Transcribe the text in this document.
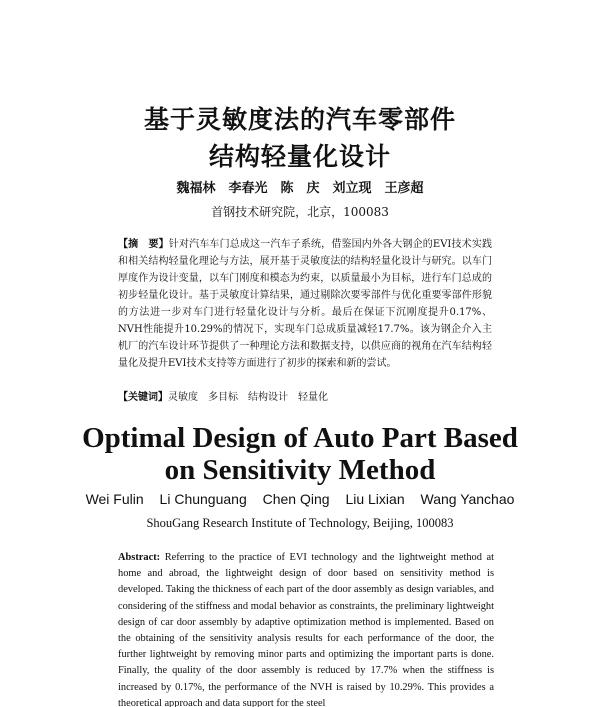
基于灵敏度法的汽车零部件
结构轻量化设计
魏福林　李春光　陈　庆　刘立现　王彦超
首钢技术研究院，北京，100083
【摘　要】针对汽车车门总成这一汽车子系统，借鉴国内外各大钢企的EVI技术实践和相关结构轻量化理论与方法，展开基于灵敏度法的结构轻量化设计与研究。以车门厚度作为设计变量，以车门刚度和模态为约束，以质量最小为目标，进行车门总成的初步轻量化设计。基于灵敏度计算结果，通过剔除次要零部件与优化重要零部件形貌的方法进一步对车门进行轻量化设计与分析。最后在保证下沉刚度提升0.17%、NVH性能提升10.29%的情况下，实现车门总成质量减轻17.7%。该为钢企介入主机厂的汽车设计环节提供了一种理论方法和数据支持，以供应商的视角在汽车结构轻量化及提升EVI技术支持等方面进行了初步的探索和新的尝试。
【关键词】灵敏度　多目标　结构设计　轻量化
Optimal Design of Auto Part Based
on Sensitivity Method
Wei Fulin Li Chunguang Chen Qing Liu Lixian Wang Yanchao
ShouGang Research Institute of Technology, Beijing, 100083
Abstract: Referring to the practice of EVI technology and the lightweight method at home and abroad, the lightweight design of door based on sensitivity method is developed. Taking the thickness of each part of the door assembly as design variables, and considering of the stiffness and modal behavior as constraints, the preliminary lightweight design of car door assembly by adaptive optimization method is implemented. Based on the obtaining of the sensitivity analysis results for each performance of the door, the further lightweight by removing minor parts and optimizing the important parts is done. Finally, the quality of the door assembly is reduced by 17.7% when the stiffness is increased by 0.17%, the performance of the NVH is raised by 10.29%. This provides a theoretical approach and data support for the steel
